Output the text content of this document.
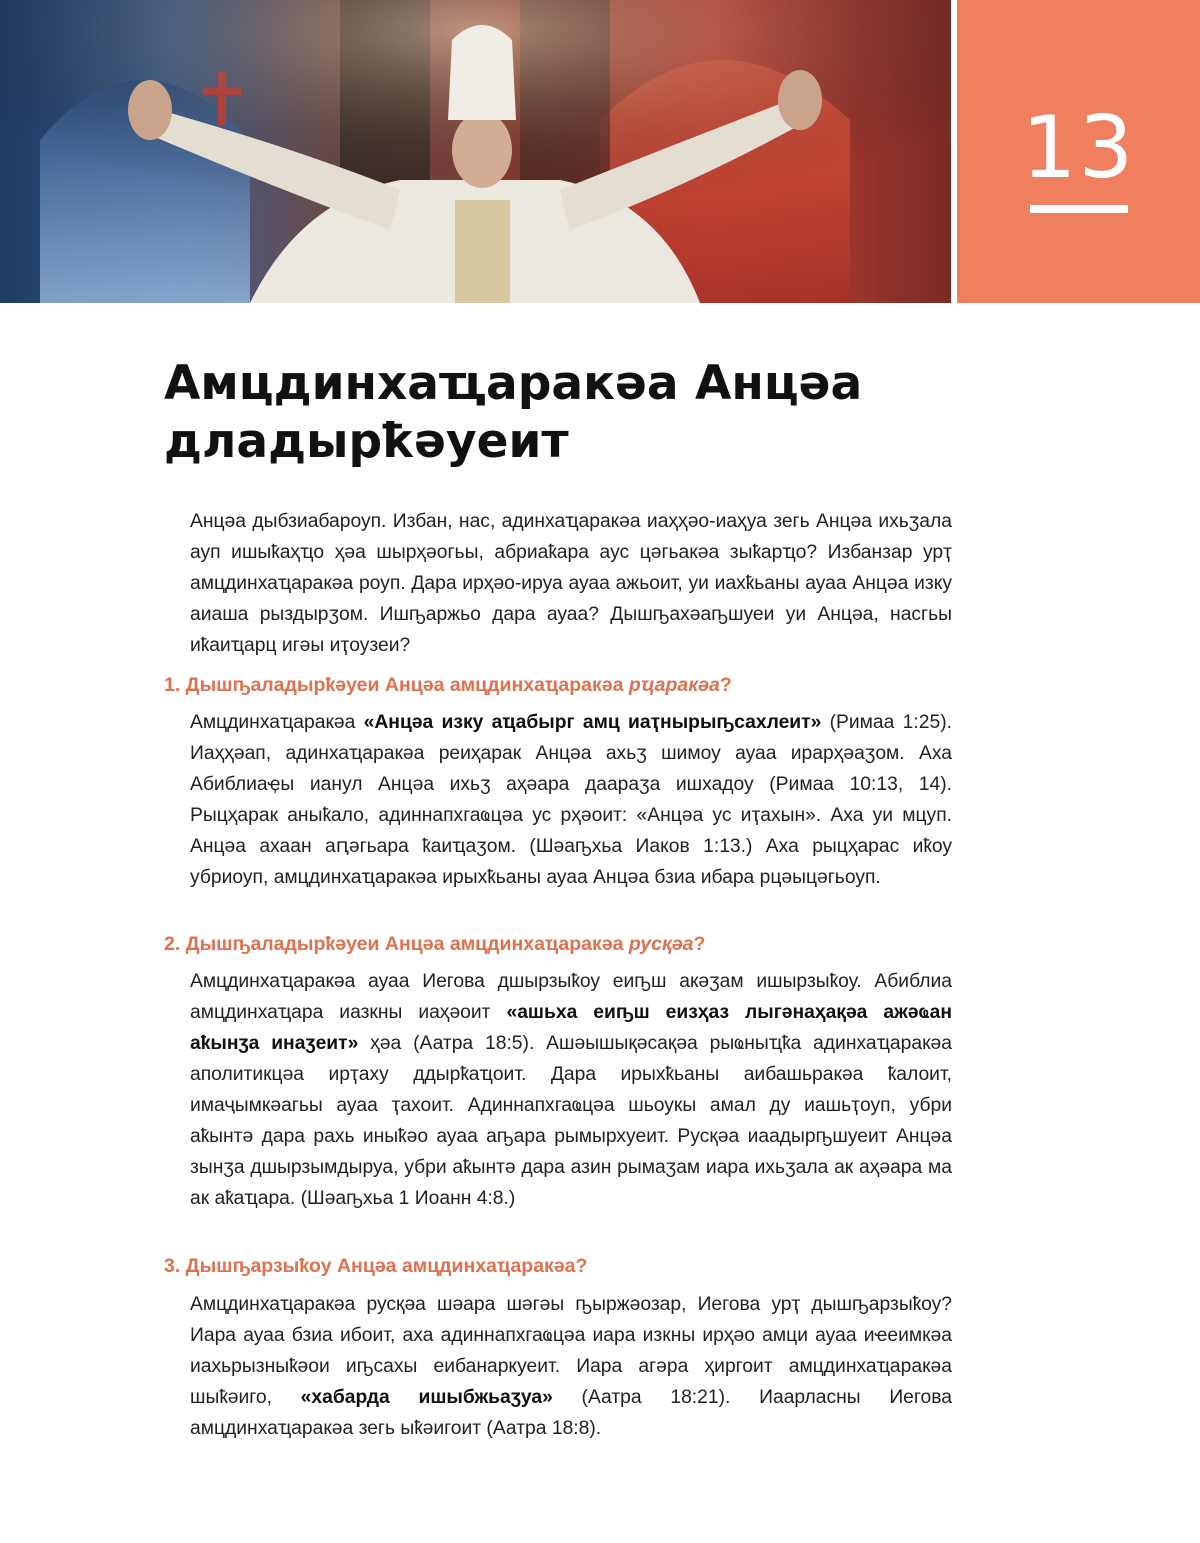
13
Амцдинхаҵаракәа Анцәа дладырҟәуеит

Анцәа дыбзиабароуп. Избан, нас, адинхаҵаракәа иаҳҳәо-иаҳуа зегь Анцәа ихьӡала ауп ишыҟаҳҵо ҳәа шырҳәогьы, абриаҟара аус цәгьакәа зыҟарҵо? Избанзар урҭ амцдинхаҵаракәа роуп. Дара ирҳәо-ируа ауаа ажьоит, уи иахҟьаны ауаа Анцәа изку аиаша рыздырӡом. Ишҧаржьо дара ауаа? Дышҧахәаҧшуеи уи Анцәа, насгьы иҟаиҵарц игәы иҭоузеи?

1. Дышҧаладырҟәуеи Анцәа амцдинхаҵаракәа рҵаракәа?

Амцдинхаҵаракәа «Анцәа изку аҵабырг амц иаҭнырыҧсахлеит» (Римаа 1:25). Иаҳҳәап, адинхаҵаракәа реиҳарак Анцәа ахьӡ шимоу ауаа ирарҳәаӡом. Аха Абиблиаҿы ианул Анцәа ихьӡ аҳәара даараӡа ишхадоу (Римаа 10:13, 14). Рыцҳарак аныҟало, адиннапхгаҩцәа ус рҳәоит: «Анцәа ус иҭахын». Аха уи мцуп. Анцәа ахаан аԥәгьара ҟаиҵаӡом. (Шәаҧхьа Иаков 1:13.) Аха рыцҳарас иҟоу убриоуп, амцдинхаҵаракәа ирыхҟьаны ауаа Анцәа бзиа ибара рцәыцәгьоуп.

2. Дышҧаладырҟәуеи Анцәа амцдинхаҵаракәа русқәа?

Амцдинхаҵаракәа ауаа Иегова дшырзыҟоу еиҧш акәӡам ишырзыҟоу. Абиблиа амцдинхаҵара иазкны иаҳәоит «ашьха еиҧш еизҳаз лыгәнаҳақәа ажәҩан аҟынӡа инаӡеит» ҳәа (Аатра 18:5). Ашәышықәсақәа рыҩныҵҟа адинхаҵаракәа аполитикцәа ирҭаху ддырҟаҵоит. Дара ирыхҟьаны аибашьракәа ҟалоит, имаҷымкәагьы ауаа ҭахоит. Адиннапхгаҩцәа шьоукы амал ду иашьҭоуп, убри аҟынтә дара рахь иныҟәо ауаа аҧара рымырхуеит. Русқәа иаадырҧшуеит Анцәа зынӡа дшырзымдыруа, убри аҟынтә дара азин рымаӡам иара ихьӡала ак аҳәара ма ак аҟаҵара. (Шәаҧхьа 1 Иоанн 4:8.)

3. Дышҧарзыҟоу Анцәа амцдинхаҵаракәа?

Амцдинхаҵаракәа русқәа шәара шәгәы ҧыржәозар, Иегова урҭ дышҧарзыҟоу? Иара ауаа бзиа ибоит, аха адиннапхгаҩцәа иара изкны ирҳәо амци ауаа иҽеимкәа иахьрызныҟәои иҧсахы еибанаркуеит. Иара агәра ҳиргоит амцдинхаҵаракәа шыҟәиго, «хабарда ишыбжьаӡуа» (Аатра 18:21). Иаарласны Иегова амцдинхаҵаракәа зегь ыҟәигоит (Аатра 18:8).
